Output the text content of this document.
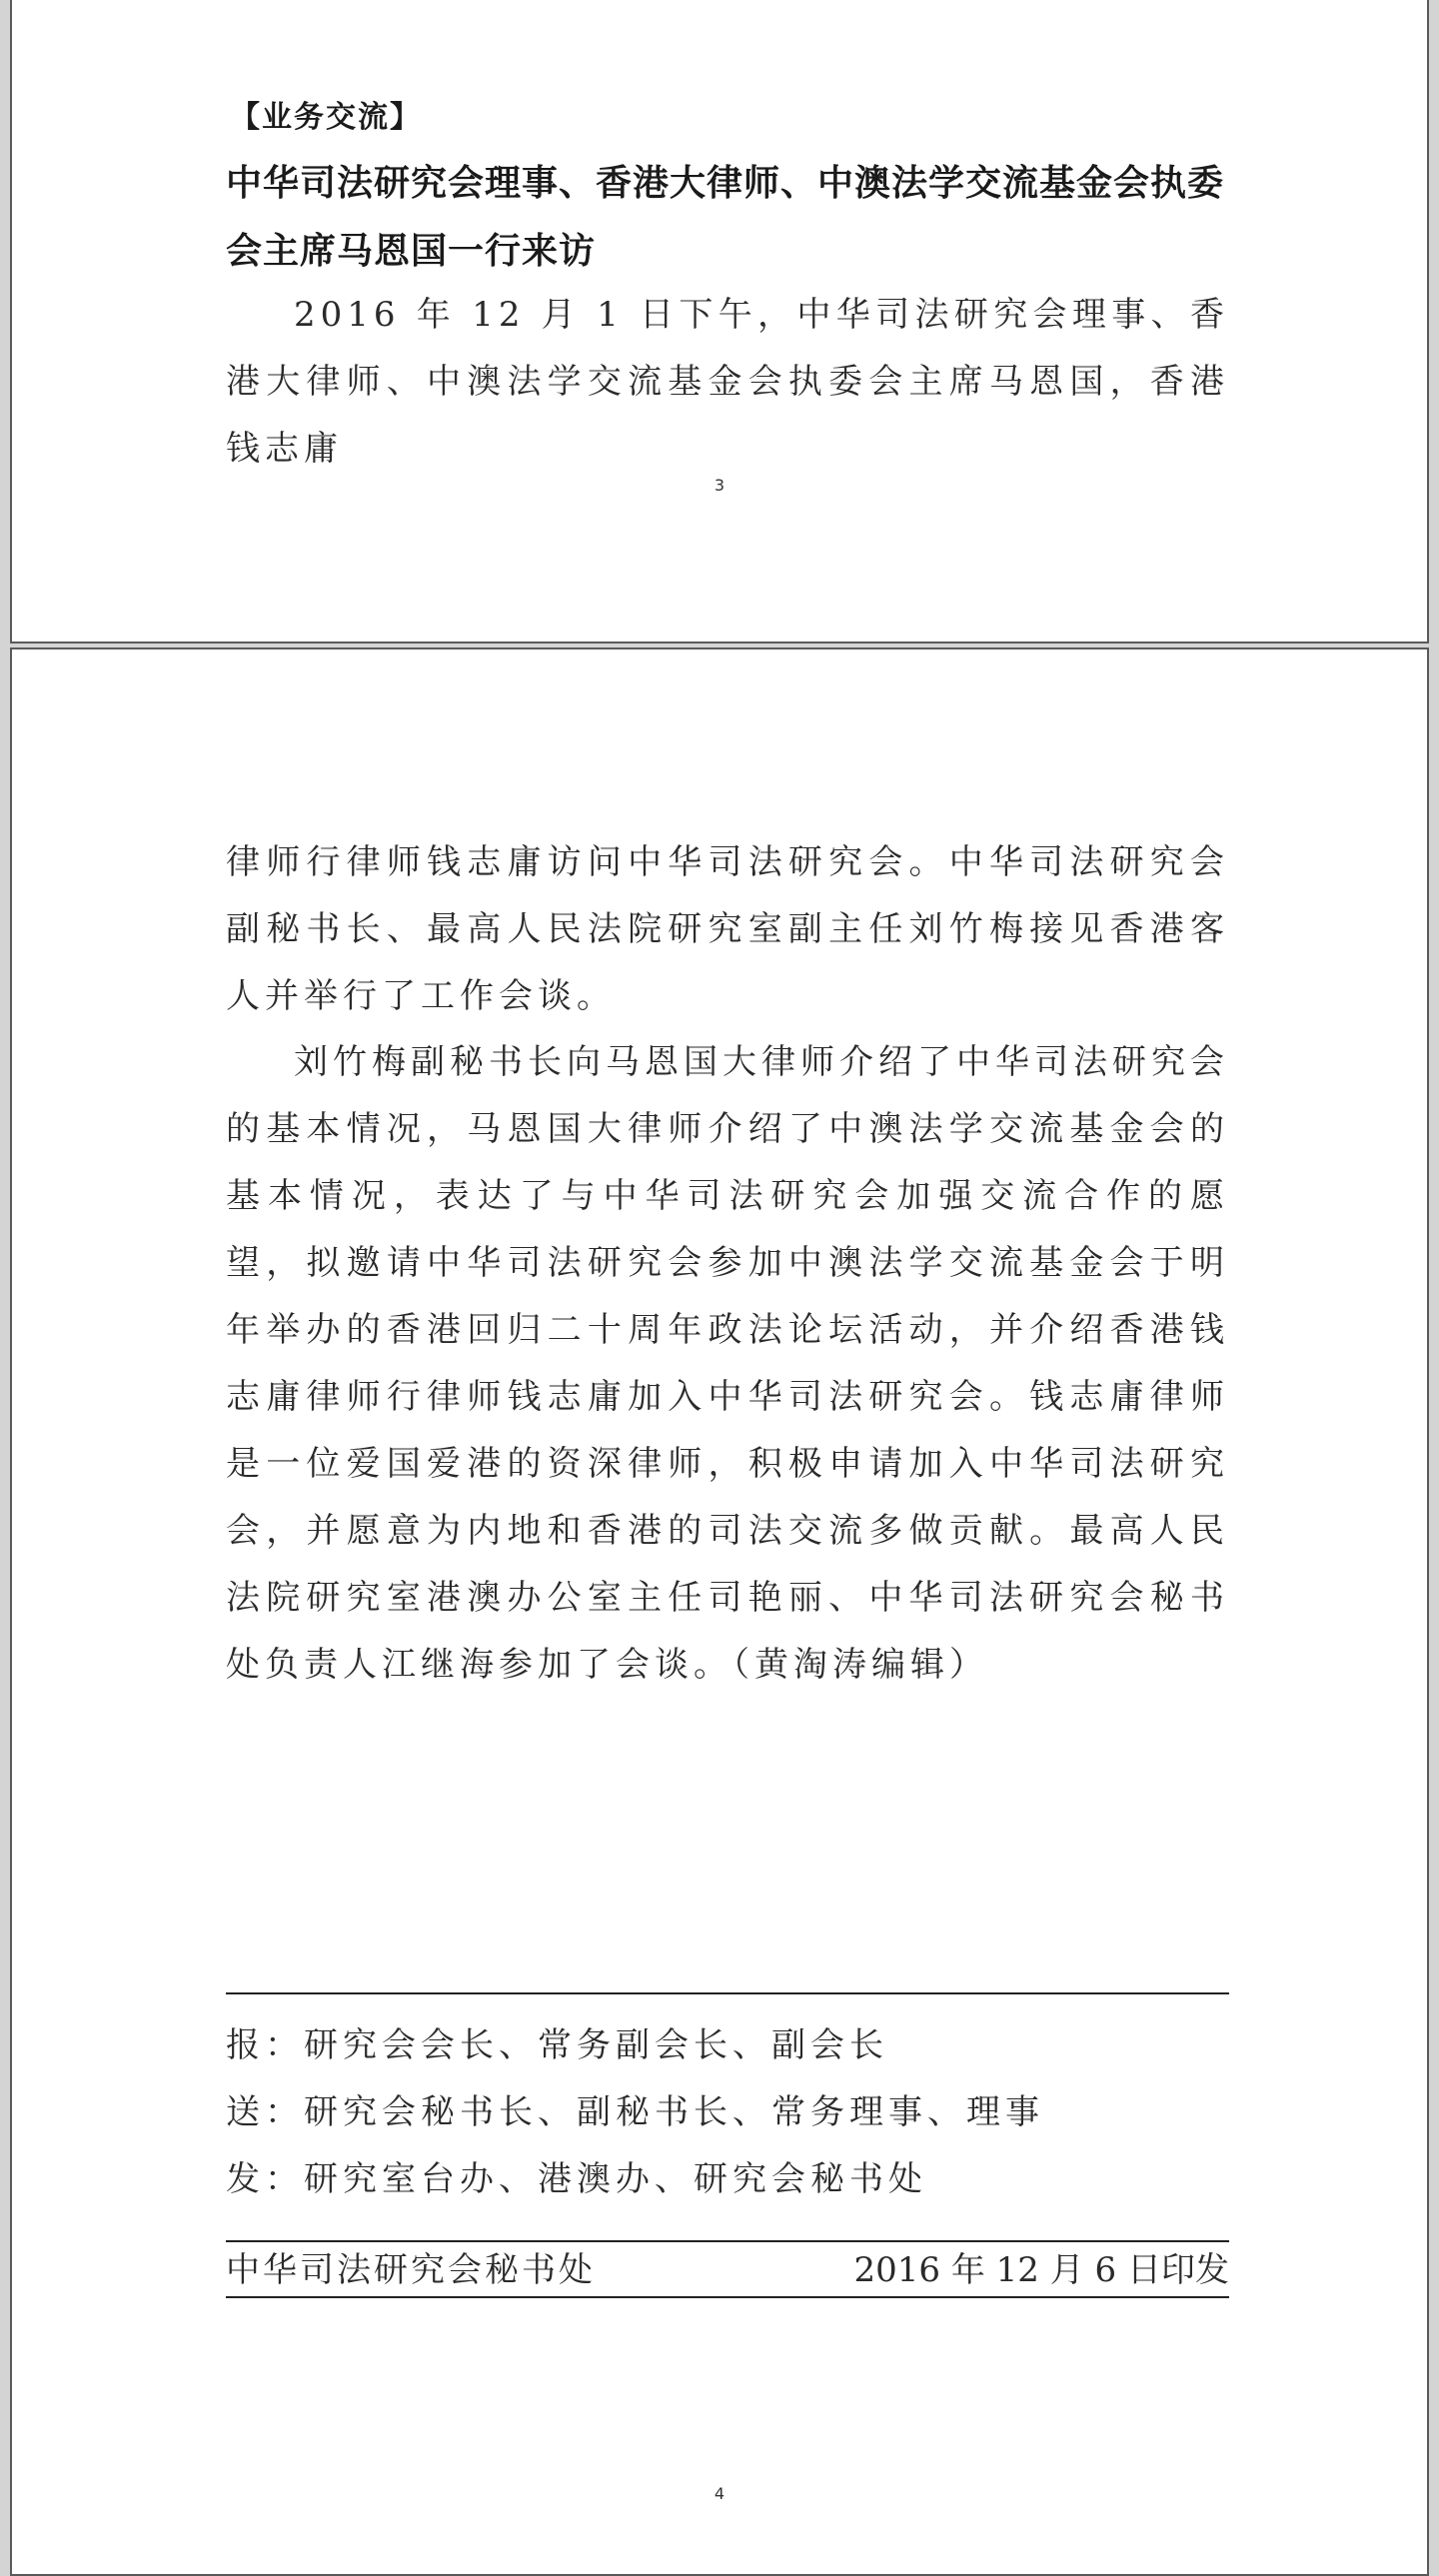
【业务交流】
中华司法研究会理事、香港大律师、中澳法学交流基金会执委会主席马恩国一行来访

2016 年 12 月 1 日下午，中华司法研究会理事、香港大律师、中澳法学交流基金会执委会主席马恩国，香港钱志庸

3

律师行律师钱志庸访问中华司法研究会。中华司法研究会副秘书长、最高人民法院研究室副主任刘竹梅接见香港客人并举行了工作会谈。

刘竹梅副秘书长向马恩国大律师介绍了中华司法研究会的基本情况，马恩国大律师介绍了中澳法学交流基金会的基本情况，表达了与中华司法研究会加强交流合作的愿望，拟邀请中华司法研究会参加中澳法学交流基金会于明年举办的香港回归二十周年政法论坛活动，并介绍香港钱志庸律师行律师钱志庸加入中华司法研究会。钱志庸律师是一位爱国爱港的资深律师，积极申请加入中华司法研究会，并愿意为内地和香港的司法交流多做贡献。最高人民法院研究室港澳办公室主任司艳丽、中华司法研究会秘书处负责人江继海参加了会谈。（黄淘涛编辑）

报：研究会会长、常务副会长、副会长
送：研究会秘书长、副秘书长、常务理事、理事
发：研究室台办、港澳办、研究会秘书处
中华司法研究会秘书处	2016 年 12 月 6 日印发
4
